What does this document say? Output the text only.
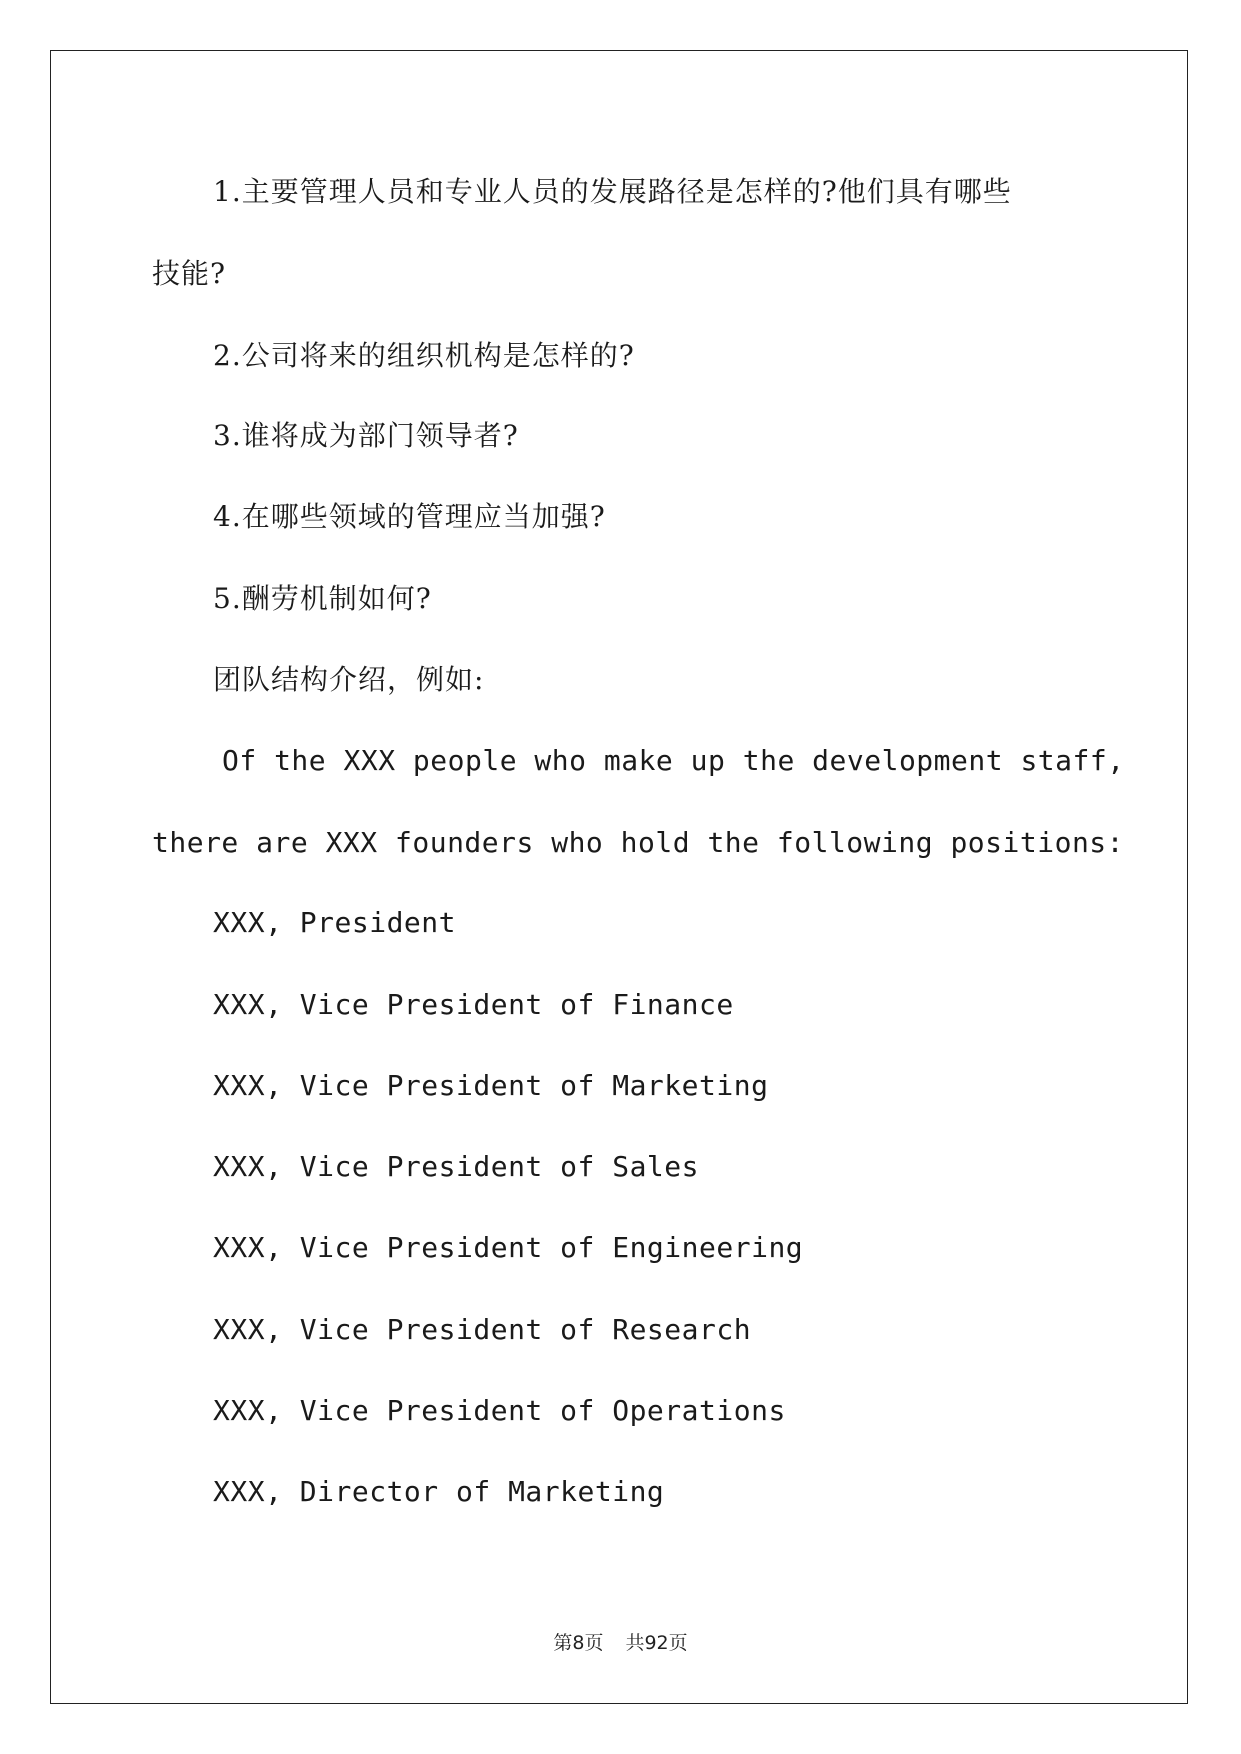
1.主要管理人员和专业人员的发展路径是怎样的?他们具有哪些
技能?
2.公司将来的组织机构是怎样的?
3.谁将成为部门领导者?
4.在哪些领域的管理应当加强?
5.酬劳机制如何?
团队结构介绍，例如:
Of the XXX people who make up the development staff,
there are XXX founders who hold the following positions:
XXX, President
XXX, Vice President of Finance
XXX, Vice President of Marketing
XXX, Vice President of Sales
XXX, Vice President of Engineering
XXX, Vice President of Research
XXX, Vice President of Operations
XXX, Director of Marketing
第8页 共92页
